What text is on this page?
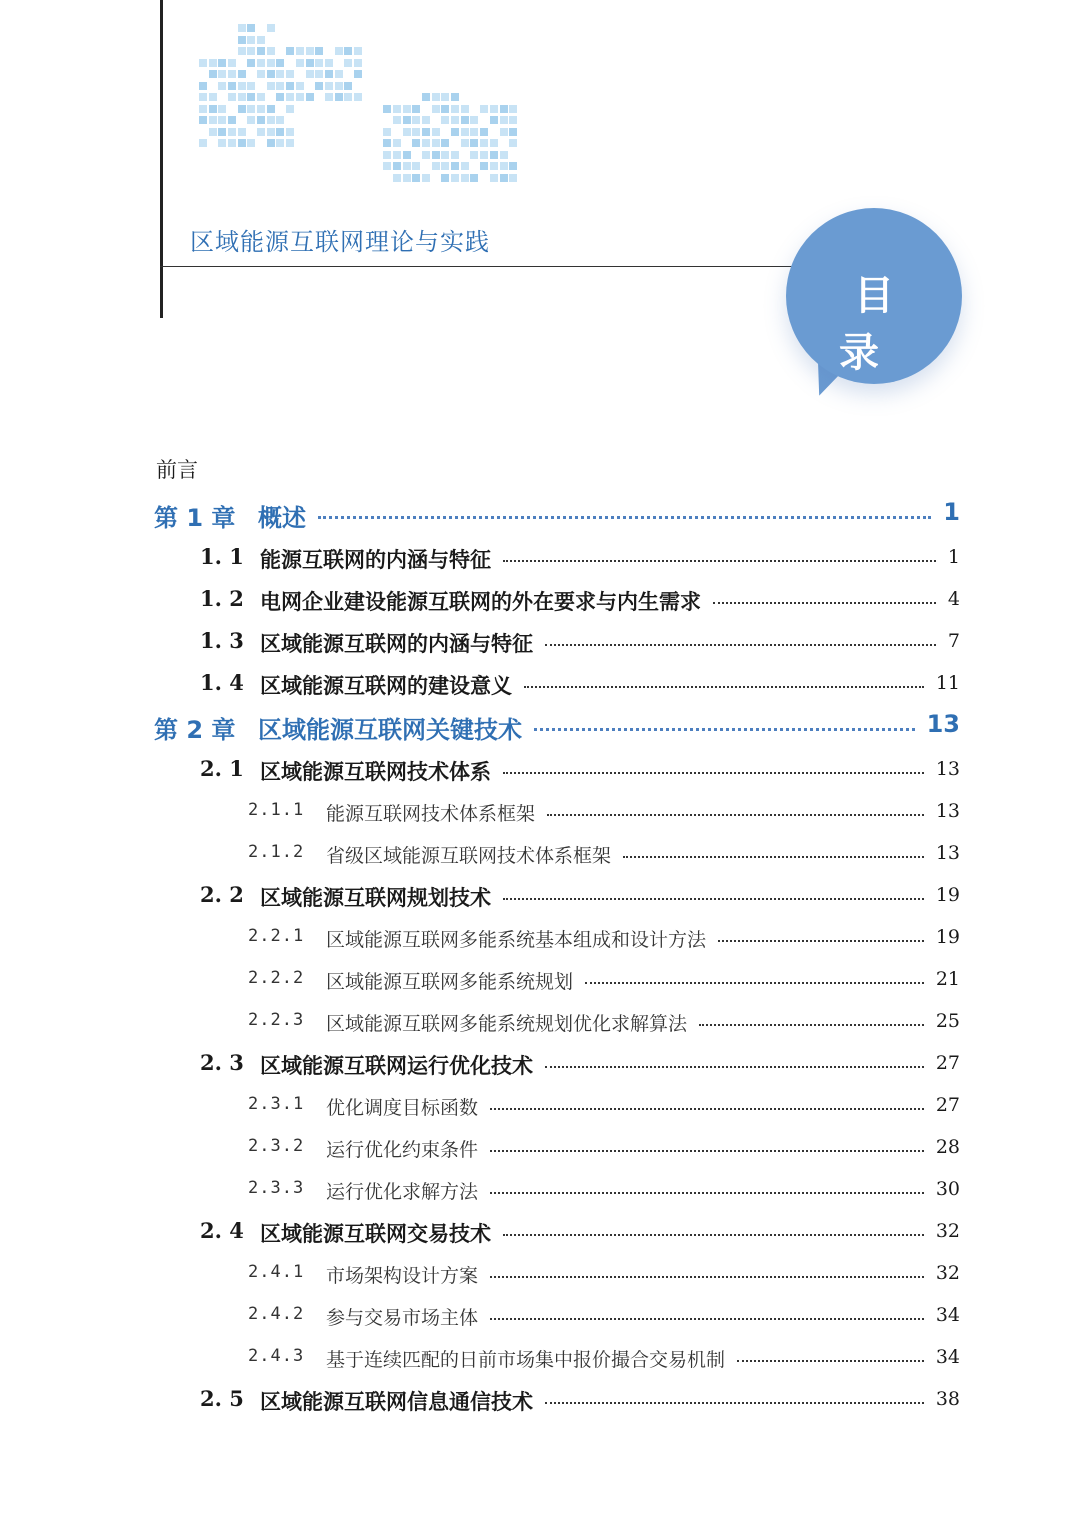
区域能源互联网理论与实践
目 录
前言
第 1 章 概述	1
1. 1 能源互联网的内涵与特征	1
1. 2 电网企业建设能源互联网的外在要求与内生需求	4
1. 3 区域能源互联网的内涵与特征	7
1. 4 区域能源互联网的建设意义	11
第 2 章 区域能源互联网关键技术	13
2. 1 区域能源互联网技术体系	13
2.1.1 能源互联网技术体系框架	13
2.1.2 省级区域能源互联网技术体系框架	13
2. 2 区域能源互联网规划技术	19
2.2.1 区域能源互联网多能系统基本组成和设计方法	19
2.2.2 区域能源互联网多能系统规划	21
2.2.3 区域能源互联网多能系统规划优化求解算法	25
2. 3 区域能源互联网运行优化技术	27
2.3.1 优化调度目标函数	27
2.3.2 运行优化约束条件	28
2.3.3 运行优化求解方法	30
2. 4 区域能源互联网交易技术	32
2.4.1 市场架构设计方案	32
2.4.2 参与交易市场主体	34
2.4.3 基于连续匹配的日前市场集中报价撮合交易机制	34
2. 5 区域能源互联网信息通信技术	38
